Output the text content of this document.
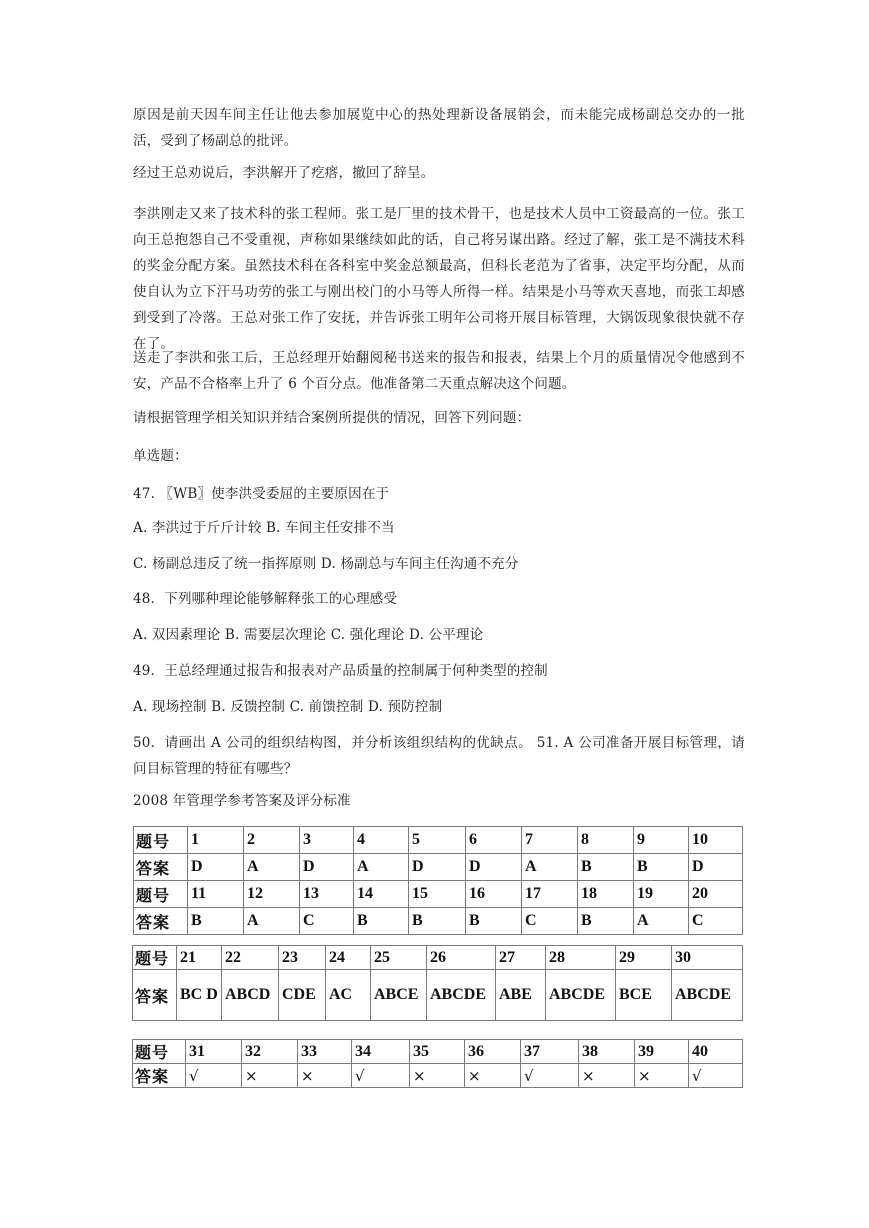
原因是前天因车间主任让他去参加展览中心的热处理新设备展销会，而未能完成杨副总交办的一批活，受到了杨副总的批评。

经过王总劝说后，李洪解开了疙瘩，撤回了辞呈。

李洪刚走又来了技术科的张工程师。张工是厂里的技术骨干，也是技术人员中工资最高的一位。张工向王总抱怨自己不受重视，声称如果继续如此的话，自己将另谋出路。经过了解，张工是不满技术科的奖金分配方案。虽然技术科在各科室中奖金总额最高，但科长老范为了省事，决定平均分配，从而使自认为立下汗马功劳的张工与刚出校门的小马等人所得一样。结果是小马等欢天喜地，而张工却感到受到了冷落。王总对张工作了安抚，并告诉张工明年公司将开展目标管理，大锅饭现象很快就不存在了。

送走了李洪和张工后，王总经理开始翻阅秘书送来的报告和报表，结果上个月的质量情况令他感到不安，产品不合格率上升了 6 个百分点。他准备第二天重点解决这个问题。

请根据管理学相关知识并结合案例所提供的情况，回答下列问题：

单选题：

47. 〖WB〗使李洪受委屈的主要原因在于

A. 李洪过于斤斤计较 B. 车间主任安排不当

C. 杨副总违反了统一指挥原则 D. 杨副总与车间主任沟通不充分

48．下列哪种理论能够解释张工的心理感受

A. 双因素理论 B. 需要层次理论 C. 强化理论 D. 公平理论

49．王总经理通过报告和报表对产品质量的控制属于何种类型的控制

A. 现场控制 B. 反馈控制 C. 前馈控制 D. 预防控制

50．请画出 A 公司的组织结构图，并分析该组织结构的优缺点。 51. A 公司准备开展目标管理，请问目标管理的特征有哪些？

2008 年管理学参考答案及评分标准

题号	1	2	3	4	5	6	7	8	9	10
答案	D	A	D	A	D	D	A	B	B	D
题号	11	12	13	14	15	16	17	18	19	20
答案	B	A	C	B	B	B	C	B	A	C
题号	21	22	23	24	25	26	27	28	29	30
答案	BC D	ABCD	CDE	AC	ABCE	ABCDE	ABE	ABCDE	BCE	ABCDE
题号	31	32	33	34	35	36	37	38	39	40
答案	√	×	×	√	×	×	√	×	×	√
